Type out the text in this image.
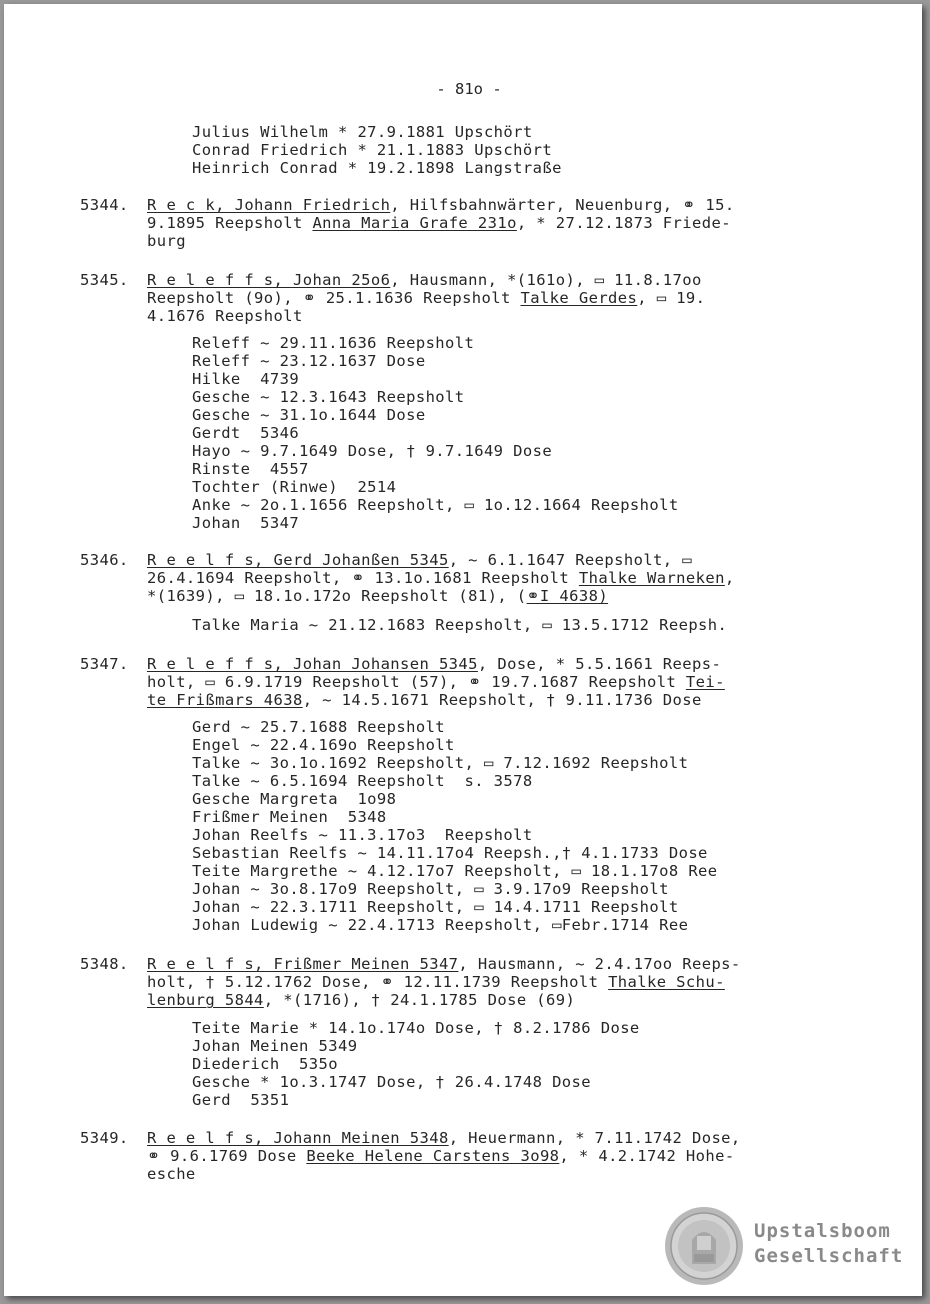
- 81o -
Julius Wilhelm * 27.9.1881 Upschört
Conrad Friedrich * 21.1.1883 Upschört
Heinrich Conrad * 19.2.1898 Langstraße
5344. R e c k, Johann Friedrich, Hilfsbahnwärter, Neuenburg, ⚭ 15.
9.1895 Reepsholt Anna Maria Grafe 231o, * 27.12.1873 Friede-
burg
5345. R e l e f f s, Johan 25o6, Hausmann, *(161o), ▭ 11.8.17oo
Reepsholt (9o), ⚭ 25.1.1636 Reepsholt Talke Gerdes, ▭ 19.
4.1676 Reepsholt
Releff ~ 29.11.1636 Reepsholt
Releff ~ 23.12.1637 Dose
Hilke  4739
Gesche ~ 12.3.1643 Reepsholt
Gesche ~ 31.1o.1644 Dose
Gerdt  5346
Hayo ~ 9.7.1649 Dose, † 9.7.1649 Dose
Rinste  4557
Tochter (Rinwe)  2514
Anke ~ 2o.1.1656 Reepsholt, ▭ 1o.12.1664 Reepsholt
Johan  5347
5346. R e e l f s, Gerd Johanßen 5345, ~ 6.1.1647 Reepsholt, ▭
26.4.1694 Reepsholt, ⚭ 13.1o.1681 Reepsholt Thalke Warneken,
*(1639), ▭ 18.1o.172o Reepsholt (81), (⚭I 4638)
Talke Maria ~ 21.12.1683 Reepsholt, ▭ 13.5.1712 Reepsh.
5347. R e l e f f s, Johan Johansen 5345, Dose, * 5.5.1661 Reeps-
holt, ▭ 6.9.1719 Reepsholt (57), ⚭ 19.7.1687 Reepsholt Tei-
te Frißmars 4638, ~ 14.5.1671 Reepsholt, † 9.11.1736 Dose
Gerd ~ 25.7.1688 Reepsholt
Engel ~ 22.4.169o Reepsholt
Talke ~ 3o.1o.1692 Reepsholt, ▭ 7.12.1692 Reepsholt
Talke ~ 6.5.1694 Reepsholt  s. 3578
Gesche Margreta  1o98
Frißmer Meinen  5348
Johan Reelfs ~ 11.3.17o3  Reepsholt
Sebastian Reelfs ~ 14.11.17o4 Reepsh.,† 4.1.1733 Dose
Teite Margrethe ~ 4.12.17o7 Reepsholt, ▭ 18.1.17o8 Ree
Johan ~ 3o.8.17o9 Reepsholt, ▭ 3.9.17o9 Reepsholt
Johan ~ 22.3.1711 Reepsholt, ▭ 14.4.1711 Reepsholt
Johan Ludewig ~ 22.4.1713 Reepsholt, ▭Febr.1714 Ree
5348. R e e l f s, Frißmer Meinen 5347, Hausmann, ~ 2.4.17oo Reeps-
holt, † 5.12.1762 Dose, ⚭ 12.11.1739 Reepsholt Thalke Schu-
lenburg 5844, *(1716), † 24.1.1785 Dose (69)
Teite Marie * 14.1o.174o Dose, † 8.2.1786 Dose
Johan Meinen 5349
Diederich  535o
Gesche * 1o.3.1747 Dose, † 26.4.1748 Dose
Gerd  5351
5349. R e e l f s, Johann Meinen 5348, Heuermann, * 7.11.1742 Dose,
⚭ 9.6.1769 Dose Beeke Helene Carstens 3o98, * 4.2.1742 Hohe-
esche
Upstalsboom
Gesellschaft
